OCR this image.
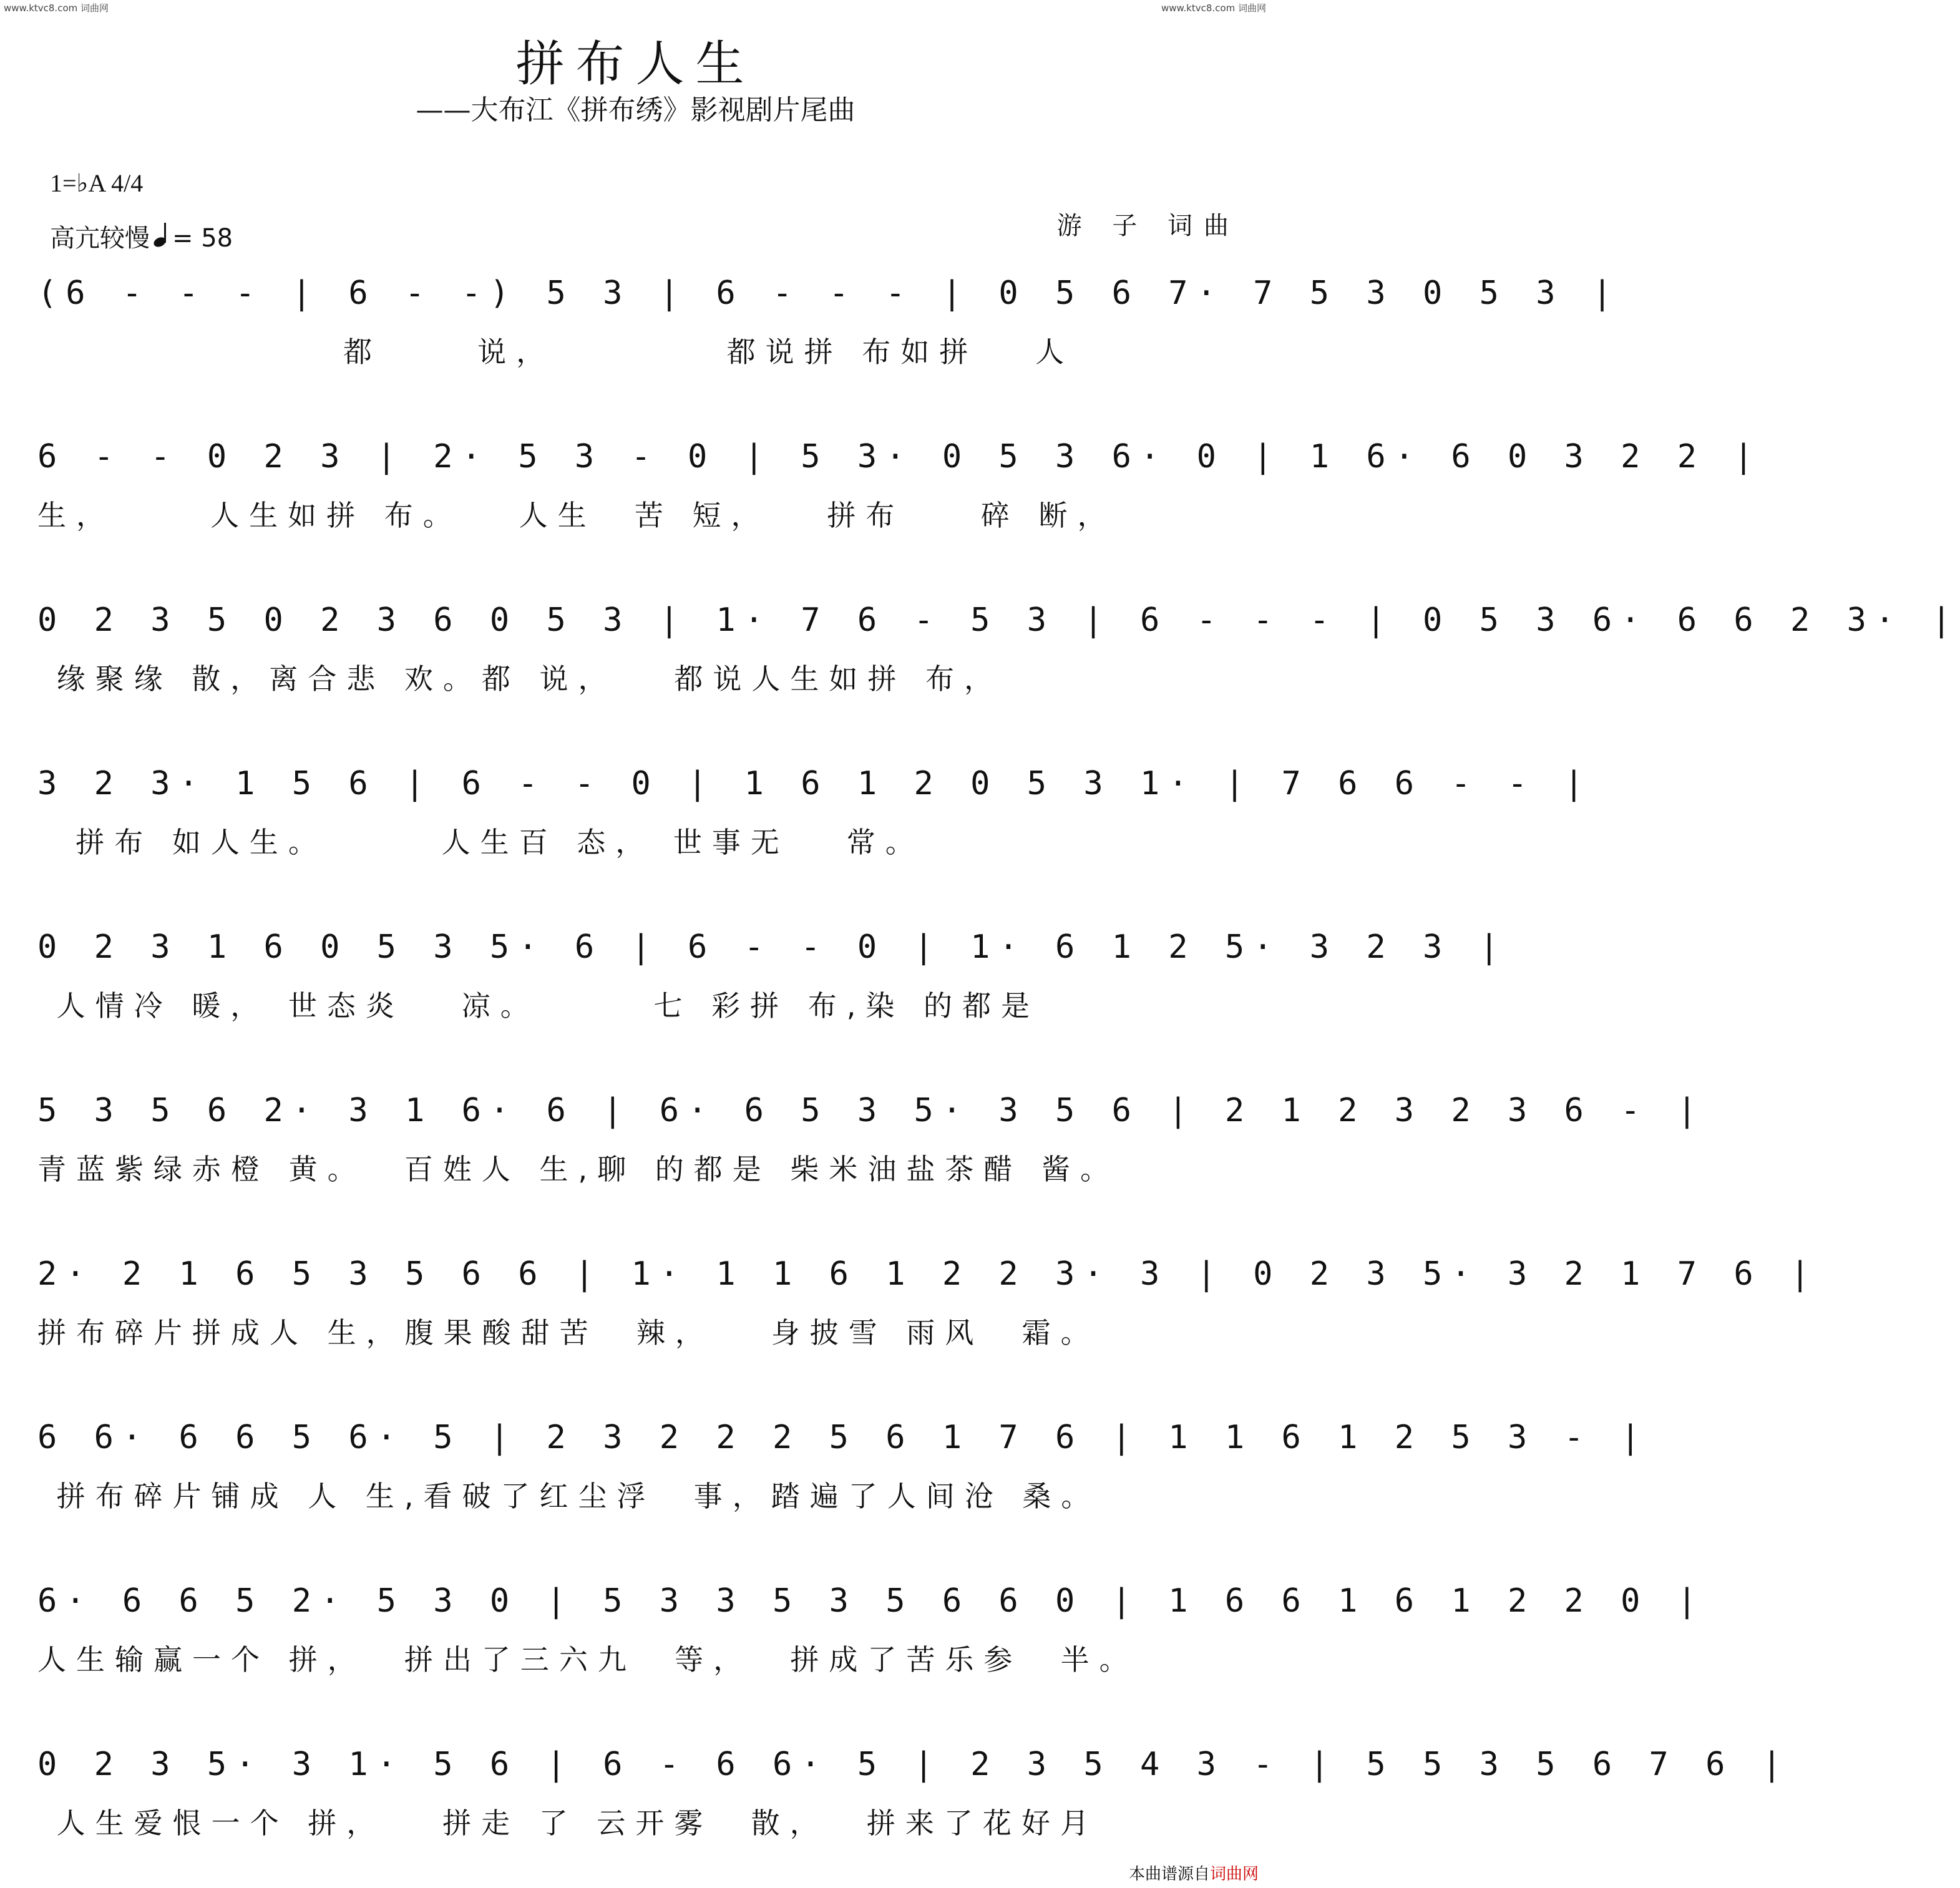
www.ktvc8.com 词曲网	www.ktvc8.com 词曲网
拼布人生
——大布江《拼布绣》影视剧片尾曲
1=♭A 4/4
高亢较慢 = 58	游 子 词曲
(6 - - - | 6 - -) 5 3 | 6 - - - | 0 5 6 7· 7 5 3 0 5 3 |
都     说，         都说拼 布如拼   人
6 - - 0 2 3 | 2· 5 3 - 0 | 5 3· 0 5 3 6· 0 | 1 6· 6 0 3 2 2 |
生，     人生如拼 布。   人生  苦 短，   拼布    碎 断，
0 2 3 5 0 2 3 6 0 5 3 | 1· 7 6 - 5 3 | 6 - - - | 0 5 3 6· 6 6 2 3· |
缘聚缘 散，离合悲 欢。都 说，   都说人生如拼 布，
3 2 3· 1 5 6 | 6 - - 0 | 1 6 1 2 0 5 3 1· | 7 6 6 - - |
拼布 如人生。      人生百 态， 世事无   常。
0 2 3 1 6 0 5 3 5· 6 | 6 - - 0 | 1· 6 1 2 5· 3 2 3 |
人情冷 暖， 世态炎   凉。      七 彩拼 布,染 的都是
5 3 5 6 2· 3 1 6· 6 | 6· 6 5 3 5· 3 5 6 | 2 1 2 3 2 3 6 - |
青蓝紫绿赤橙 黄。  百姓人 生,聊 的都是 柴米油盐茶醋 酱。
2· 2 1 6 5 3 5 6 6 | 1· 1 1 6 1 2 2 3· 3 | 0 2 3 5· 3 2 1 7 6 |
拼布碎片拼成人 生，腹果酸甜苦  辣，   身披雪 雨风  霜。
6 6· 6 6 5 6· 5 | 2 3 2 2 2 5 6 1 7 6 | 1 1 6 1 2 5 3 - |
拼布碎片铺成 人 生,看破了红尘浮  事，踏遍了人间沧 桑。
6· 6 6 5 2· 5 3 0 | 5 3 3 5 3 5 6 6 0 | 1 6 6 1 6 1 2 2 0 |
人生输赢一个 拼，  拼出了三六九  等，  拼成了苦乐参  半。
0 2 3 5· 3 1· 5 6 | 6 - 6 6· 5 | 2 3 5 4 3 - | 5 5 3 5 6 7 6 |
人生爱恨一个 拼，   拼走 了 云开雾  散，  拼来了花好月
本曲谱源自词曲网
